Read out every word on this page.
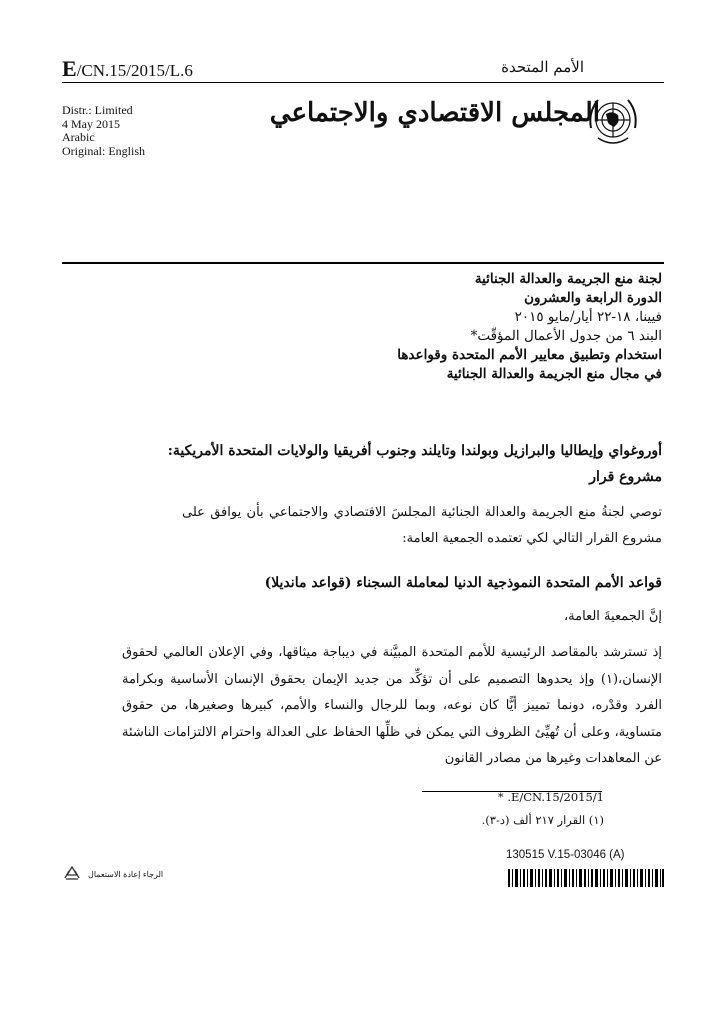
E/CN.15/2015/L.6	الأمم المتحدة
Distr.: Limited
4 May 2015
Arabic
Original: English
المجلس الاقتصادي والاجتماعي
لجنة منع الجريمة والعدالة الجنائية
الدورة الرابعة والعشرون
فيينا، ١٨-٢٢ أيار/مايو ٢٠١٥
البند ٦ من جدول الأعمال المؤقّت*
استخدام وتطبيق معايير الأمم المتحدة وقواعدها
في مجال منع الجريمة والعدالة الجنائية
أوروغواي وإيطاليا والبرازيل وبولندا وتايلند وجنوب أفريقيا والولايات المتحدة الأمريكية:
مشروع قرار
توصي لجنةُ منع الجريمة والعدالة الجنائية المجلسَ الاقتصادي والاجتماعي بأن يوافق على مشروع القرار التالي لكي تعتمده الجمعية العامة:
قواعد الأمم المتحدة النموذجية الدنيا لمعاملة السجناء (قواعد مانديلا)
إنَّ الجمعيةَ العامة،
إذ تسترشد بالمقاصد الرئيسية للأمم المتحدة المبيَّنة في ديباجة ميثاقها، وفي الإعلان العالمي لحقوق الإنسان،(١) وإذ يحدوها التصميم على أن تؤكِّد من جديد الإيمان بحقوق الإنسان الأساسية وبكرامة الفرد وقدْره، دونما تمييز أيًّا كان نوعه، وبما للرجال والنساء والأمم، كبيرها وصغيرها، من حقوق متساوية، وعلى أن تُهيِّئ الظروف التي يمكن في ظلِّها الحفاظ على العدالة واحترام الالتزامات الناشئة عن المعاهدات وغيرها من مصادر القانون
E/CN.15/2015/1. *
(١) القرار ٢١٧ ألف (د-٣).
130515 V.15-03046 (A)
الرجاء إعادة الاستعمال
